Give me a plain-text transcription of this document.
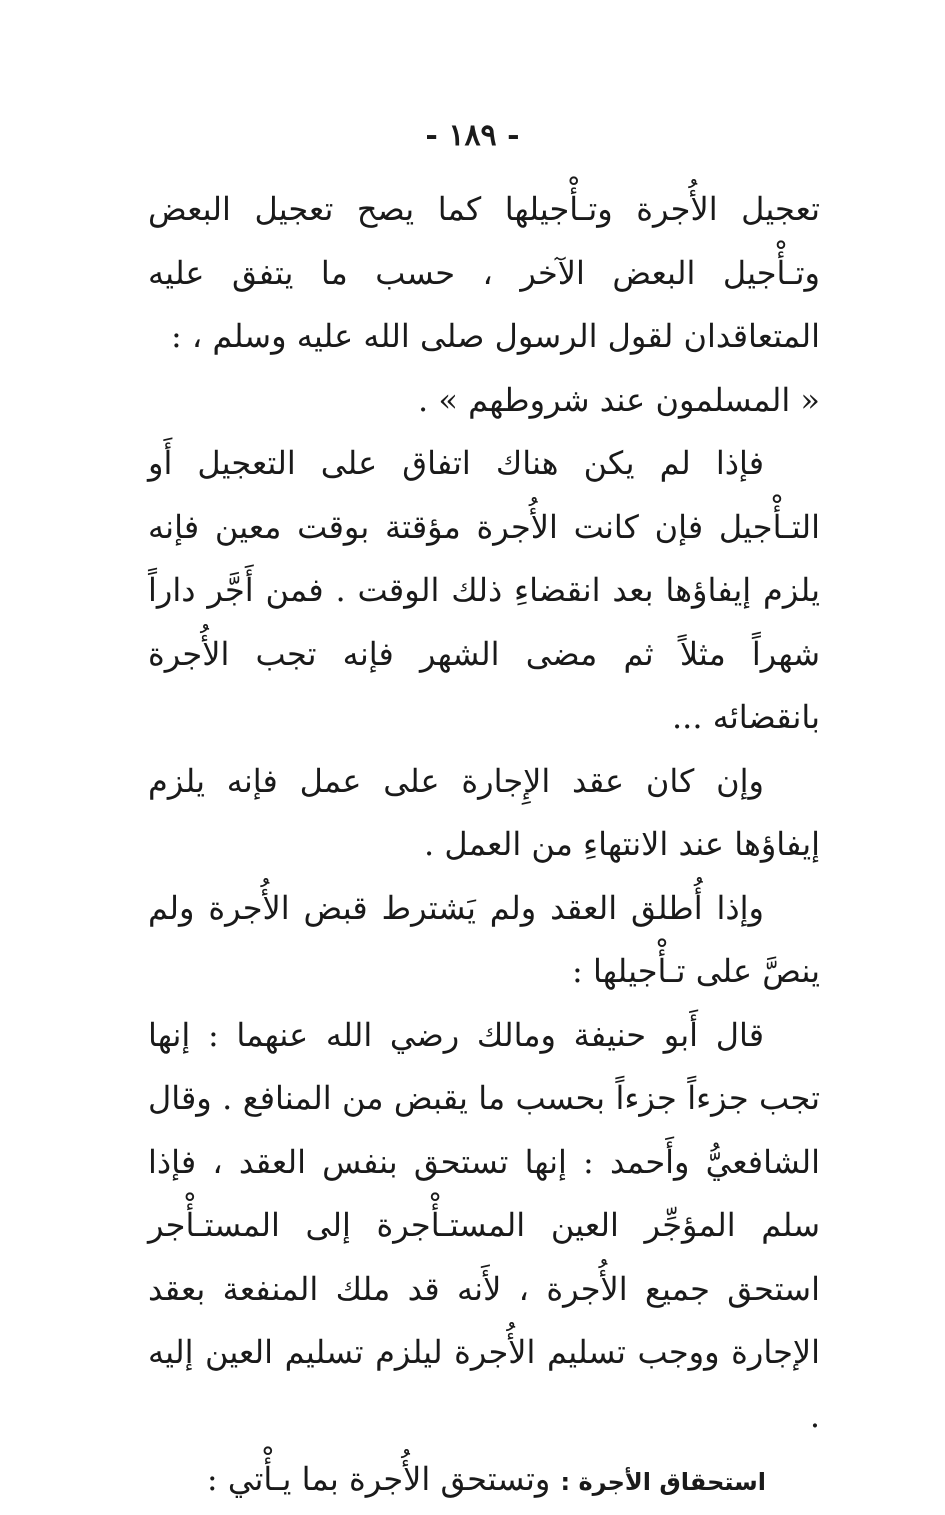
- ١٨٩ -

تعجيل الأُجرة وتـأْجيلها كما يصح تعجيل البعض وتـأْجيل البعض الآخر ، حسب ما يتفق عليه المتعاقدان لقول الرسول صلى الله عليه وسلم ، :

« المسلمون عند شروطهم » .

فإذا لم يكن هناك اتفاق على التعجيل أَو التـأْجيل فإن كانت الأُجرة مؤقتة بوقت معين فإنه يلزم إيفاؤها بعد انقضاءِ ذلك الوقت . فمن أَجَّر داراً شهراً مثلاً ثم مضى الشهر فإنه تجب الأُجرة بانقضائه ...

وإن كان عقد الإِجارة على عمل فإنه يلزم إيفاؤها عند الانتهاءِ من العمل .

وإذا أُطلق العقد ولم يَشترط قبض الأُجرة ولم ينصَّ على تـأْجيلها :

قال أَبو حنيفة ومالك رضي الله عنهما : إنها تجب جزءاً جزءاً بحسب ما يقبض من المنافع . وقال الشافعيُّ وأَحمد : إنها تستحق بنفس العقد ، فإذا سلم المؤجِّر العين المستـأْجرة إلى المستـأْجر استحق جميع الأُجرة ، لأَنه قد ملك المنفعة بعقد الإجارة ووجب تسليم الأُجرة ليلزم تسليم العين إليه .

استحقاق الأجرة : وتستحق الأُجرة بما يـأْتي :
